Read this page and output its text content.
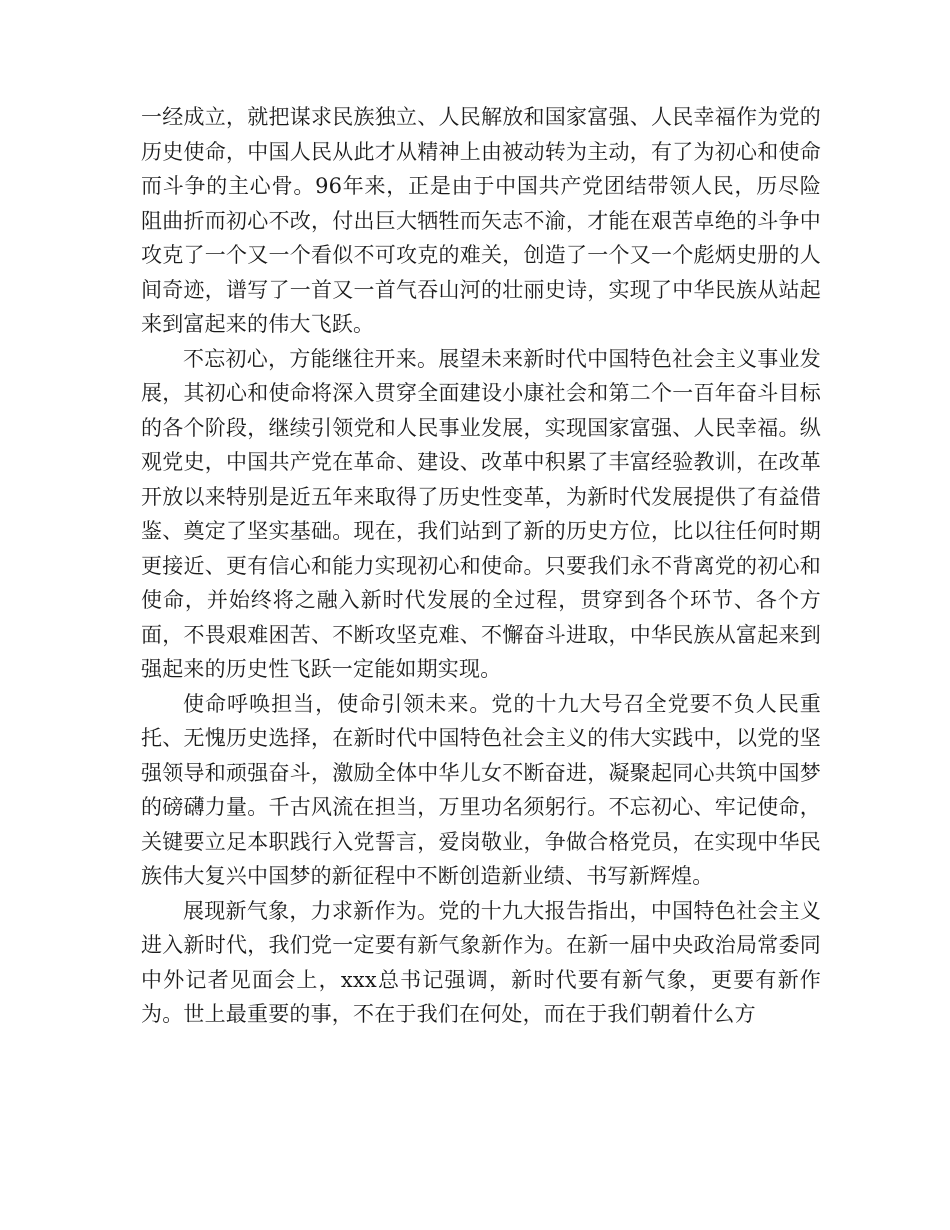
一经成立，就把谋求民族独立、人民解放和国家富强、人民幸福作为党的历史使命，中国人民从此才从精神上由被动转为主动，有了为初心和使命而斗争的主心骨。96年来，正是由于中国共产党团结带领人民，历尽险阻曲折而初心不改，付出巨大牺牲而矢志不渝，才能在艰苦卓绝的斗争中攻克了一个又一个看似不可攻克的难关，创造了一个又一个彪炳史册的人间奇迹，谱写了一首又一首气吞山河的壮丽史诗，实现了中华民族从站起来到富起来的伟大飞跃。

不忘初心，方能继往开来。展望未来新时代中国特色社会主义事业发展，其初心和使命将深入贯穿全面建设小康社会和第二个一百年奋斗目标的各个阶段，继续引领党和人民事业发展，实现国家富强、人民幸福。纵观党史，中国共产党在革命、建设、改革中积累了丰富经验教训，在改革开放以来特别是近五年来取得了历史性变革，为新时代发展提供了有益借鉴、奠定了坚实基础。现在，我们站到了新的历史方位，比以往任何时期更接近、更有信心和能力实现初心和使命。只要我们永不背离党的初心和使命，并始终将之融入新时代发展的全过程，贯穿到各个环节、各个方面，不畏艰难困苦、不断攻坚克难、不懈奋斗进取，中华民族从富起来到强起来的历史性飞跃一定能如期实现。

使命呼唤担当，使命引领未来。党的十九大号召全党要不负人民重托、无愧历史选择，在新时代中国特色社会主义的伟大实践中，以党的坚强领导和顽强奋斗，激励全体中华儿女不断奋进，凝聚起同心共筑中国梦的磅礴力量。千古风流在担当，万里功名须躬行。不忘初心、牢记使命，关键要立足本职践行入党誓言，爱岗敬业，争做合格党员，在实现中华民族伟大复兴中国梦的新征程中不断创造新业绩、书写新辉煌。

展现新气象，力求新作为。党的十九大报告指出，中国特色社会主义进入新时代，我们党一定要有新气象新作为。在新一届中央政治局常委同中外记者见面会上，xxx总书记强调，新时代要有新气象，更要有新作为。世上最重要的事，不在于我们在何处，而在于我们朝着什么方
